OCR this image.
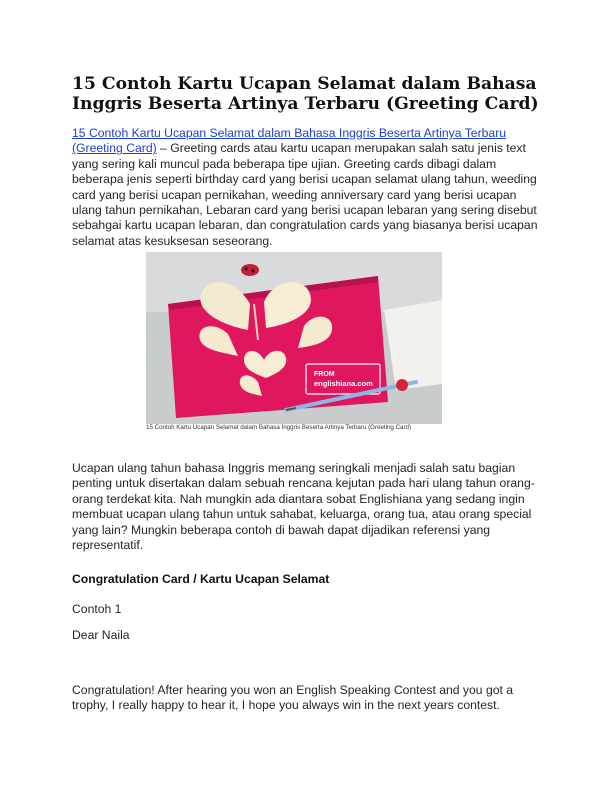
15 Contoh Kartu Ucapan Selamat dalam Bahasa Inggris Beserta Artinya Terbaru (Greeting Card)

15 Contoh Kartu Ucapan Selamat dalam Bahasa Inggris Beserta Artinya Terbaru (Greeting Card) – Greeting cards atau kartu ucapan merupakan salah satu jenis text yang sering kali muncul pada beberapa tipe ujian. Greeting cards dibagi dalam beberapa jenis seperti birthday card yang berisi ucapan selamat ulang tahun, weeding card yang berisi ucapan pernikahan, weeding anniversary card yang berisi ucapan ulang tahun pernikahan, Lebaran card yang berisi ucapan lebaran yang sering disebut sebahgai kartu ucapan lebaran, dan congratulation cards yang biasanya berisi ucapan selamat atas kesuksesan seseorang.

FROM
englishiana.com
15 Contoh Kartu Ucapan Selamat dalam Bahasa Inggris Beserta Artinya Terbaru (Greeting Card)

Ucapan ulang tahun bahasa Inggris memang seringkali menjadi salah satu bagian penting untuk disertakan dalam sebuah rencana kejutan pada hari ulang tahun orang-orang terdekat kita. Nah mungkin ada diantara sobat Englishiana yang sedang ingin membuat ucapan ulang tahun untuk sahabat, keluarga, orang tua, atau orang special yang lain? Mungkin beberapa contoh di bawah dapat dijadikan referensi yang representatif.

Congratulation Card / Kartu Ucapan Selamat
Contoh 1
Dear Naila

Congratulation! After hearing you won an English Speaking Contest and you got a trophy, I really happy to hear it, I hope you always win in the next years contest.
